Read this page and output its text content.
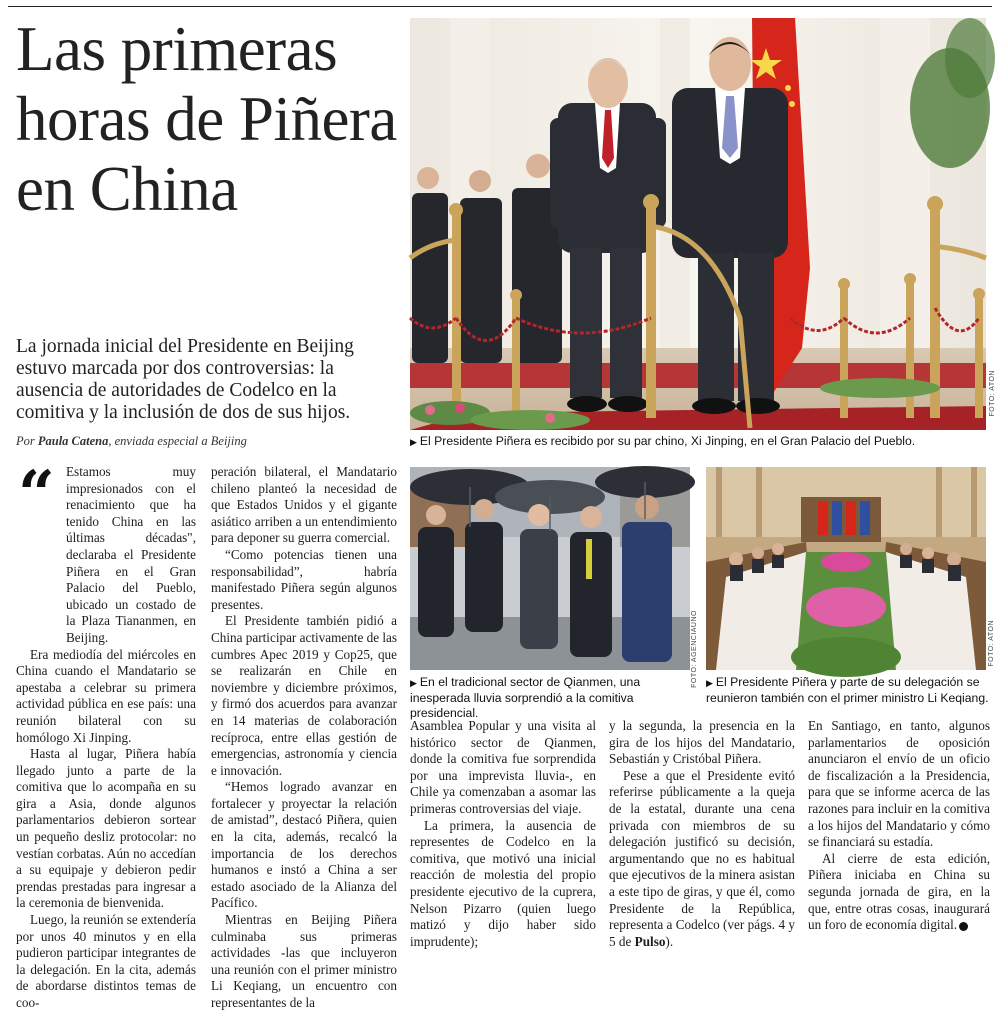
Las primeras horas de Piñera en China

La jornada inicial del Presidente en Beijing estuvo marcada por dos controversias: la ausencia de autoridades de Codelco en la comitiva y la inclusión de dos de sus hijos.

Por Paula Catena, enviada especial a Beijing
FOTO: ATON
▶ El Presidente Piñera es recibido por su par chino, Xi Jinping, en el Gran Palacio del Pueblo.
FOTO: AGENCIAUNO
▶ En el tradicional sector de Qianmen, una inesperada lluvia sorprendió a la comitiva presidencial.
FOTO: ATON
▶ El Presidente Piñera y parte de su delegación se reunieron también con el primer ministro Li Keqiang.
“ Estamos muy impresionados con el renacimiento que ha tenido China en las últimas décadas", declaraba el Presidente Piñera en el Gran Palacio del Pueblo, ubicado un costado de la Plaza Tiananmen, en Beijing.

Era mediodía del miércoles en China cuando el Mandatario se apestaba a celebrar su primera actividad pública en ese país: una reunión bilateral con su homólogo Xi Jinping.

Hasta al lugar, Piñera había llegado junto a parte de la comitiva que lo acompaña en su gira a Asia, donde algunos parlamentarios debieron sortear un pequeño desliz protocolar: no vestían corbatas. Aún no accedían a su equipaje y debieron pedir prendas prestadas para ingresar a la ceremonia de bienvenida.

Luego, la reunión se extendería por unos 40 minutos y en ella pudieron participar integrantes de la delegación. En la cita, además de abordarse distintos temas de coo-

peración bilateral, el Mandatario chileno planteó la necesidad de que Estados Unidos y el gigante asiático arriben a un entendimiento para deponer su guerra comercial.

“Como potencias tienen una responsabilidad”, habría manifestado Piñera según algunos presentes.

El Presidente también pidió a China participar activamente de las cumbres Apec 2019 y Cop25, que se realizarán en Chile en noviembre y diciembre próximos, y firmó dos acuerdos para avanzar en 14 materias de colaboración recíproca, entre ellas gestión de emergencias, astronomía y ciencia e innovación.

“Hemos logrado avanzar en fortalecer y proyectar la relación de amistad”, destacó Piñera, quien en la cita, además, recalcó la importancia de los derechos humanos e instó a China a ser estado asociado de la Alianza del Pacífico.

Mientras en Beijing Piñera culminaba sus primeras actividades -las que incluyeron una reunión con el primer ministro Li Keqiang, un encuentro con representantes de la

Asamblea Popular y una visita al histórico sector de Qianmen, donde la comitiva fue sorprendida por una imprevista lluvia-, en Chile ya comenzaban a asomar las primeras controversias del viaje.

La primera, la ausencia de representes de Codelco en la comitiva, que motivó una inicial reacción de molestia del propio presidente ejecutivo de la cuprera, Nelson Pizarro (quien luego matizó y dijo haber sido imprudente);

y la segunda, la presencia en la gira de los hijos del Mandatario, Sebastián y Cristóbal Piñera.

Pese a que el Presidente evitó referirse públicamente a la queja de la estatal, durante una cena privada con miembros de su delegación justificó su decisión, argumentando que no es habitual que ejecutivos de la minera asistan a este tipo de giras, y que él, como Presidente de la República, representa a Codelco (ver págs. 4 y 5 de Pulso).

En Santiago, en tanto, algunos parlamentarios de oposición anunciaron el envío de un oficio de fiscalización a la Presidencia, para que se informe acerca de las razones para incluir en la comitiva a los hijos del Mandatario y cómo se financiará su estadía.

Al cierre de esta edición, Piñera iniciaba en China su segunda jornada de gira, en la que, entre otras cosas, inaugurará un foro de economía digital.
